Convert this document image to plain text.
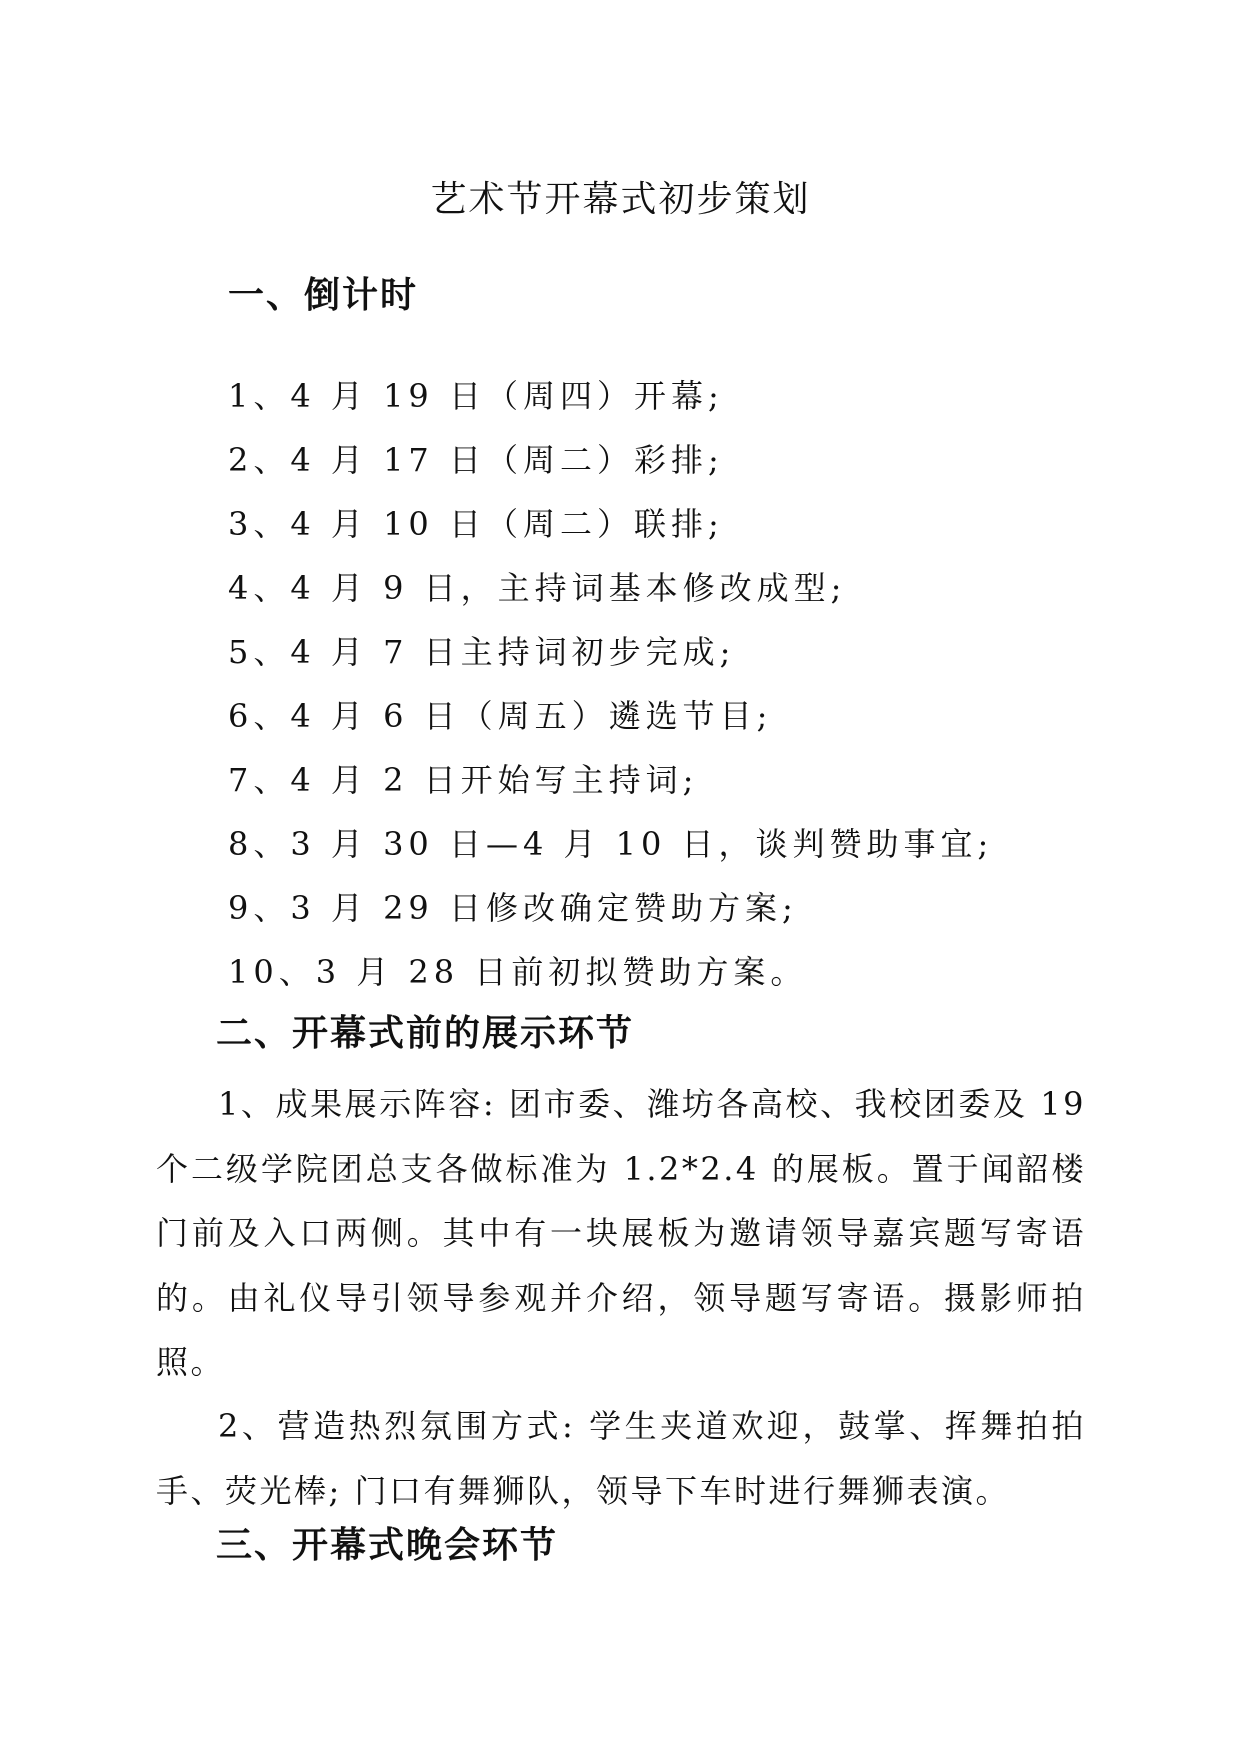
艺术节开幕式初步策划
一、倒计时
1、4 月 19 日（周四）开幕;
2、4 月 17 日（周二）彩排;
3、4 月 10 日（周二）联排;
4、4 月 9 日，主持词基本修改成型;
5、4 月 7 日主持词初步完成;
6、4 月 6 日（周五）遴选节目;
7、4 月 2 日开始写主持词;
8、3 月 30 日—4 月 10 日，谈判赞助事宜;
9、3 月 29 日修改确定赞助方案;
10、3 月 28 日前初拟赞助方案。
二、开幕式前的展示环节

1、成果展示阵容: 团市委、潍坊各高校、我校团委及 19 个二级学院团总支各做标准为 1.2*2.4 的展板。置于闻韶楼门前及入口两侧。其中有一块展板为邀请领导嘉宾题写寄语的。由礼仪导引领导参观并介绍，领导题写寄语。摄影师拍照。

2、营造热烈氛围方式: 学生夹道欢迎，鼓掌、挥舞拍拍手、荧光棒; 门口有舞狮队，领导下车时进行舞狮表演。

三、开幕式晚会环节
